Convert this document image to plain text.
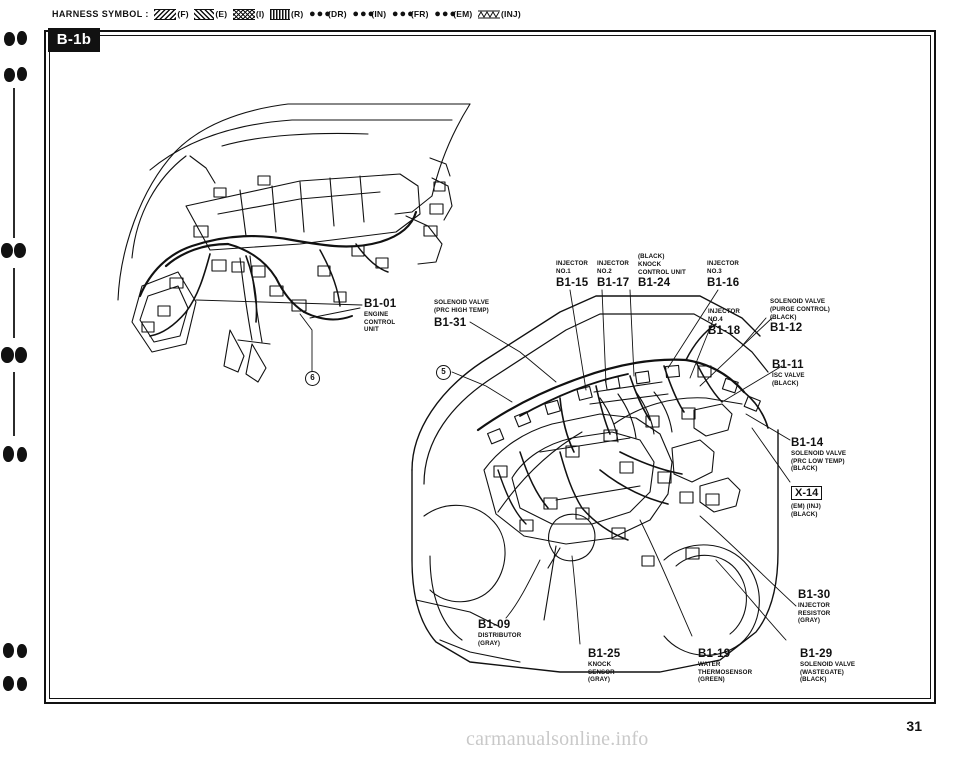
HARNESS SYMBOL :	(F)	(E)	(I)	(R) ●●●(DR) ●●●(IN) ●●●(FR) ●●●(EM)	(INJ)
B-1b
B1-01
ENGINE
CONTROL
UNIT
SOLENOID VALVE
(PRC HIGH TEMP)
B1-31
INJECTOR
NO.1
B1-15
INJECTOR
NO.2
B1-17
(BLACK)
KNOCK
CONTROL UNIT
B1-24
INJECTOR
NO.3
B1-16
INJECTOR
NO.4
B1-18
SOLENOID VALVE
(PURGE CONTROL)
(BLACK)
B1-12
B1-11
ISC VALVE
(BLACK)
B1-14
SOLENOID VALVE
(PRC LOW TEMP)
(BLACK)
X-14
(EM) (INJ)
(BLACK)
B1-30
INJECTOR
RESISTOR
(GRAY)
B1-29
SOLENOID VALVE
(WASTEGATE)
(BLACK)
B1-19
WATER
THERMOSENSOR
(GREEN)
B1-25
KNOCK
SENSOR
(GRAY)
B1-09
DISTRIBUTOR
(GRAY)
6
5
31
carmanualsonline.info
